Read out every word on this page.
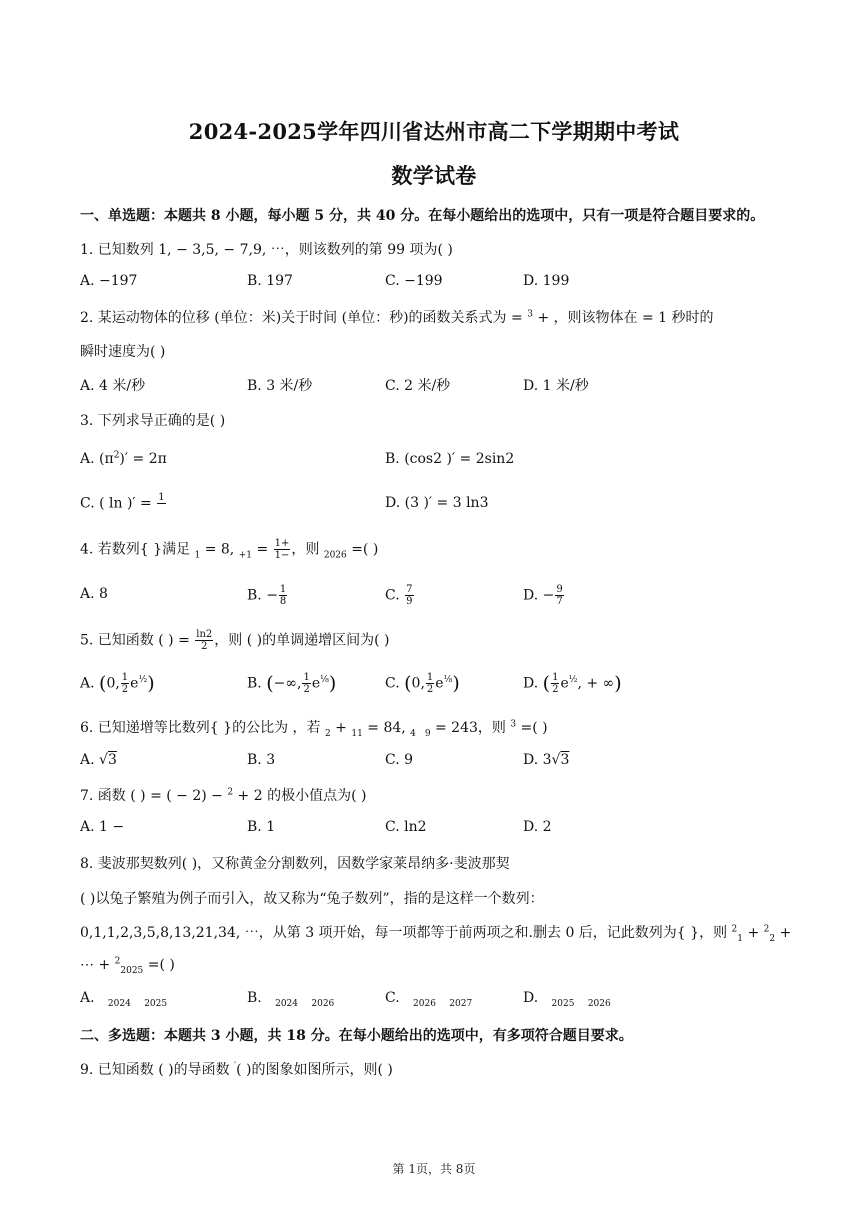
2024-2025学年四川省达州市高二下学期期中考试
数学试卷
一、单选题：本题共 8 小题，每小题 5 分，共 40 分。在每小题给出的选项中，只有一项是符合题目要求的。
1. 已知数列 1, − 3,5, − 7,9, ⋯，则该数列的第 99 项为( )
A. −197	B. 197	C. −199	D. 199
2. 某运动物体的位移 (单位：米)关于时间 (单位：秒)的函数关系式为 = $^3$ + ，则该物体在 = 1 秒时的
瞬时速度为( )
A. 4 米/秒	B. 3 米/秒	C. 2 米/秒	D. 1 米/秒
3. 下列求导正确的是( )
A. $(\pi^2)' = 2\pi$	B. (cos2 )′ = 2sin2
C. ( ln )′ = 1
	D. (3 )′ = 3 ln3
4. 若数列{ }满足 $_1$ = 8, $_{+1} = \frac{1+}{1-}$ ，则 $_{2026}$ =( )
A. 8	B. − $\frac{1}{8}$	C. $\frac{7}{9}$	D. − $\frac{9}{7}$
5. 已知函数 ( ) = $\frac{\ln 2}{2}$ ，则 ( )的单调递增区间为( )
A. (0, $\frac{1}{2} e^{\frac{1}{2}}$)	B. (−∞, $\frac{1}{2} e^{\frac{1}{8}}$)	C. (0, $\frac{1}{2} e^{\frac{1}{8}}$)	D. ( $\frac{1}{2} e^{\frac{1}{2}}$, + ∞)
6. 已知递增等比数列{ }的公比为 ，若 $_2$ + $_{11}$ = 84, $_4$ $_9$ = 243，则 $^3$ =( )
A. √3	B. 3	C. 9	D. 3√3
7. 函数 ( ) = ( − 2) − $^2$ + 2 的极小值点为( )
A. 1 −	B. 1	C. ln2	D. 2
8. 斐波那契数列( )，又称黄金分割数列，因数学家莱昂纳多·斐波那契
( )以兔子繁殖为例子而引入，故又称为“兔子数列”，指的是这样一个数列：
0,1,1,2,3,5,8,13,21,34, ⋯，从第 3 项开始，每一项都等于前两项之和.删去 0 后，记此数列为{ }，则 $^2_1$ + $^2_2$ +
⋯ + $^2_{2025}$ =( )
A. $_{2024}$ $_{2025}$	B. $_{2024}$ $_{2026}$	C. $_{2026}$ $_{2027}$	D. $_{2025}$ $_{2026}$
二、多选题：本题共 3 小题，共 18 分。在每小题给出的选项中，有多项符合题目要求。
9. 已知函数 ( )的导函数 ′( )的图象如图所示，则( )
第 1页，共 8页
